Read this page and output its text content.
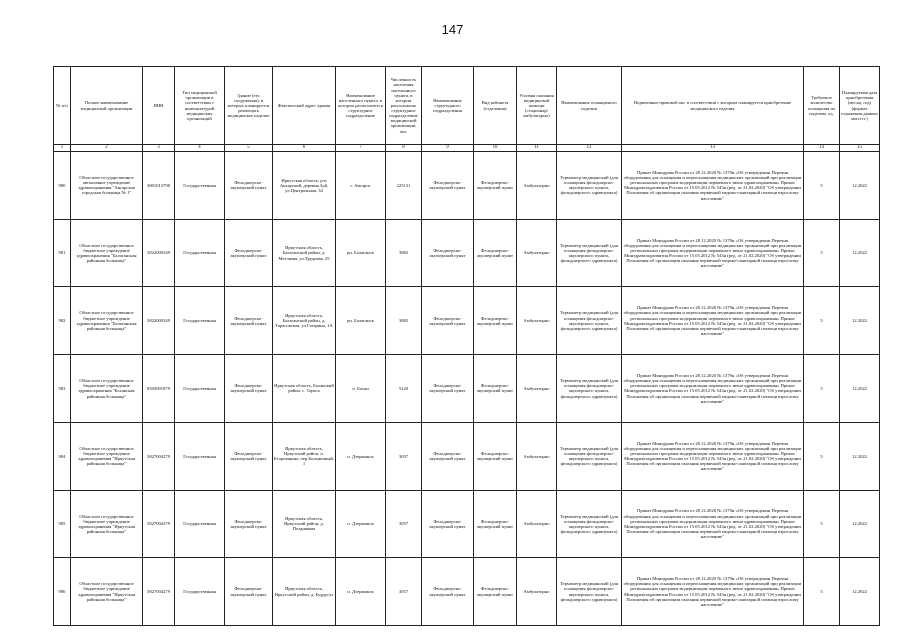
147
№ п/п	Полное наименование медицинской организации	ИНН	Тип медицинской организации в соответствии с номенклатурой медицинских организаций	Здание (его сооружения), в которых планируется размещать медицинское изделие	Фактический адрес здания	Наименование населенного пункта, в котором располагается структурное подразделение	Численность населения населенного пункта, в котором расположено структурное подразделение медицинской организации, чел.	Наименование структурного подразделения	Вид кабинета (отделения)	Условия оказания медицинской помощи (стационар/амбулаторно)	Наименование оснащаемого изделия	Нормативно-правовой акт, в соответствии с которым планируется приобретение медицинского изделия	Требуемое количество оснащения по изделию, ед.	Планируемая дата приобретения (месяц, год) (формат отражения данных мм.гггг.)
1	2	3	4	5	6	7	8	9	10	11	12	13	14	15
980	Областное государственное автономное учреждение здравоохранения "Ангарская городская больница № 1"	3801013790	Государственная	Фельдшерско-акушерский пункт	Иркутская область, р-н Ангарский, деревня Зуй, ул.Центральная, 34	г. Ангарск	225131	Фельдшерско-акушерский пункт	Фельдшерско-акушерский пункт	Амбулаторно	Термометр медицинский (для оснащения фельдшерско-акушерского пункта, фельдшерского здравпункта)	Приказ Минздрава России от 28.12.2020 № 1379н «Об утверждении Перечня оборудования для оснащения и переоснащения медицинских организаций при реализации региональных программ модернизации первичного звена здравоохранения» Приказ Минздравсоцразвития России от 15.05.2012 № 543н (ред. от 21.02.2020) "Об утверждении Положения об организации оказания первичной медико-санитарной помощи взрослому населению"	5	12.2022
981	Областное государственное бюджетное учреждение здравоохранения "Балаганская районная больница"	3822000349	Государственная	Фельдшерско-акушерский пункт	Иркутская область, Балаганский район, д. Метляева, ул.Трудовая, 25	рп. Балаганск	3882	Фельдшерско-акушерский пункт	Фельдшерско-акушерский пункт	Амбулаторно	Термометр медицинский (для оснащения фельдшерско-акушерского пункта, фельдшерского здравпункта)	Приказ Минздрава России от 28.12.2020 № 1379н «Об утверждении Перечня оборудования для оснащения и переоснащения медицинских организаций при реализации региональных программ модернизации первичного звена здравоохранения» Приказ Минздравсоцразвития России от 15.05.2012 № 543н (ред. от 21.02.2020) "Об утверждении Положения об организации оказания первичной медико-санитарной помощи взрослому населению"	5	12.2022
982	Областное государственное бюджетное учреждение здравоохранения "Балаганская районная больница"	3822000349	Государственная	Фельдшерско-акушерский пункт	Иркутская область, Балаганский район, д. Тарасовская, ул.Гагарина, 1А	рп. Балаганск	3882	Фельдшерско-акушерский пункт	Фельдшерско-акушерский пункт	Амбулаторно	Термометр медицинский (для оснащения фельдшерско-акушерского пункта, фельдшерского здравпункта)	Приказ Минздрава России от 28.12.2020 № 1379н «Об утверждении Перечня оборудования для оснащения и переоснащения медицинских организаций при реализации региональных программ модернизации первичного звена здравоохранения» Приказ Минздравсоцразвития России от 15.05.2012 № 543н (ред. от 21.02.2020) "Об утверждении Положения об организации оказания первичной медико-санитарной помощи взрослому населению"	5	12.2022
983	Областное государственное бюджетное учреждение здравоохранения "Боханская районная больница"	8503001879	Государственная	Фельдшерско-акушерский пункт	Иркутская область, Боханский район, с. Тараса	п. Бохан	5220	Фельдшерско-акушерский пункт	Фельдшерско-акушерский пункт	Амбулаторно	Термометр медицинский (для оснащения фельдшерско-акушерского пункта, фельдшерского здравпункта)	Приказ Минздрава России от 28.12.2020 № 1379н «Об утверждении Перечня оборудования для оснащения и переоснащения медицинских организаций при реализации региональных программ модернизации первичного звена здравоохранения» Приказ Минздравсоцразвития России от 15.05.2012 № 543н (ред. от 21.02.2020) "Об утверждении Положения об организации оказания первичной медико-санитарной помощи взрослому населению"	5	12.2022
984	Областное государственное бюджетное учреждение здравоохранения "Иркутская районная больница"	3827004279	Государственная	Фельдшерско-акушерский пункт	Иркутская область, Иркутский район, п. Егоровщина, пер.Больничный, 1	п. Дзержинск	3057	Фельдшерско-акушерский пункт	Фельдшерско-акушерский пункт	Амбулаторно	Термометр медицинский (для оснащения фельдшерско-акушерского пункта, фельдшерского здравпункта)	Приказ Минздрава России от 28.12.2020 № 1379н «Об утверждении Перечня оборудования для оснащения и переоснащения медицинских организаций при реализации региональных программ модернизации первичного звена здравоохранения» Приказ Минздравсоцразвития России от 15.05.2012 № 543н (ред. от 21.02.2020) "Об утверждении Положения об организации оказания первичной медико-санитарной помощи взрослому населению"	5	12.2022
985	Областное государственное бюджетное учреждение здравоохранения "Иркутская районная больница"	3827004279	Государственная	Фельдшерско-акушерский пункт	Иркутская область, Иркутский район, д. Позднякова	п. Дзержинск	3057	Фельдшерско-акушерский пункт	Фельдшерско-акушерский пункт	Амбулаторно	Термометр медицинский (для оснащения фельдшерско-акушерского пункта, фельдшерского здравпункта)	Приказ Минздрава России от 28.12.2020 № 1379н «Об утверждении Перечня оборудования для оснащения и переоснащения медицинских организаций при реализации региональных программ модернизации первичного звена здравоохранения» Приказ Минздравсоцразвития России от 15.05.2012 № 543н (ред. от 21.02.2020) "Об утверждении Положения об организации оказания первичной медико-санитарной помощи взрослому населению"	5	12.2022
986	Областное государственное бюджетное учреждение здравоохранения "Иркутская районная больница"	3827004279	Государственная	Фельдшерско-акушерский пункт	Иркутская область, Иркутский район, д. Бурдугуз	п. Дзержинск	3057	Фельдшерско-акушерский пункт	Фельдшерско-акушерский пункт	Амбулаторно	Термометр медицинский (для оснащения фельдшерско-акушерского пункта, фельдшерского здравпункта)	Приказ Минздрава России от 28.12.2020 № 1379н «Об утверждении Перечня оборудования для оснащения и переоснащения медицинских организаций при реализации региональных программ модернизации первичного звена здравоохранения» Приказ Минздравсоцразвития России от 15.05.2012 № 543н (ред. от 21.02.2020) "Об утверждении Положения об организации оказания первичной медико-санитарной помощи взрослому населению"	5	12.2022
